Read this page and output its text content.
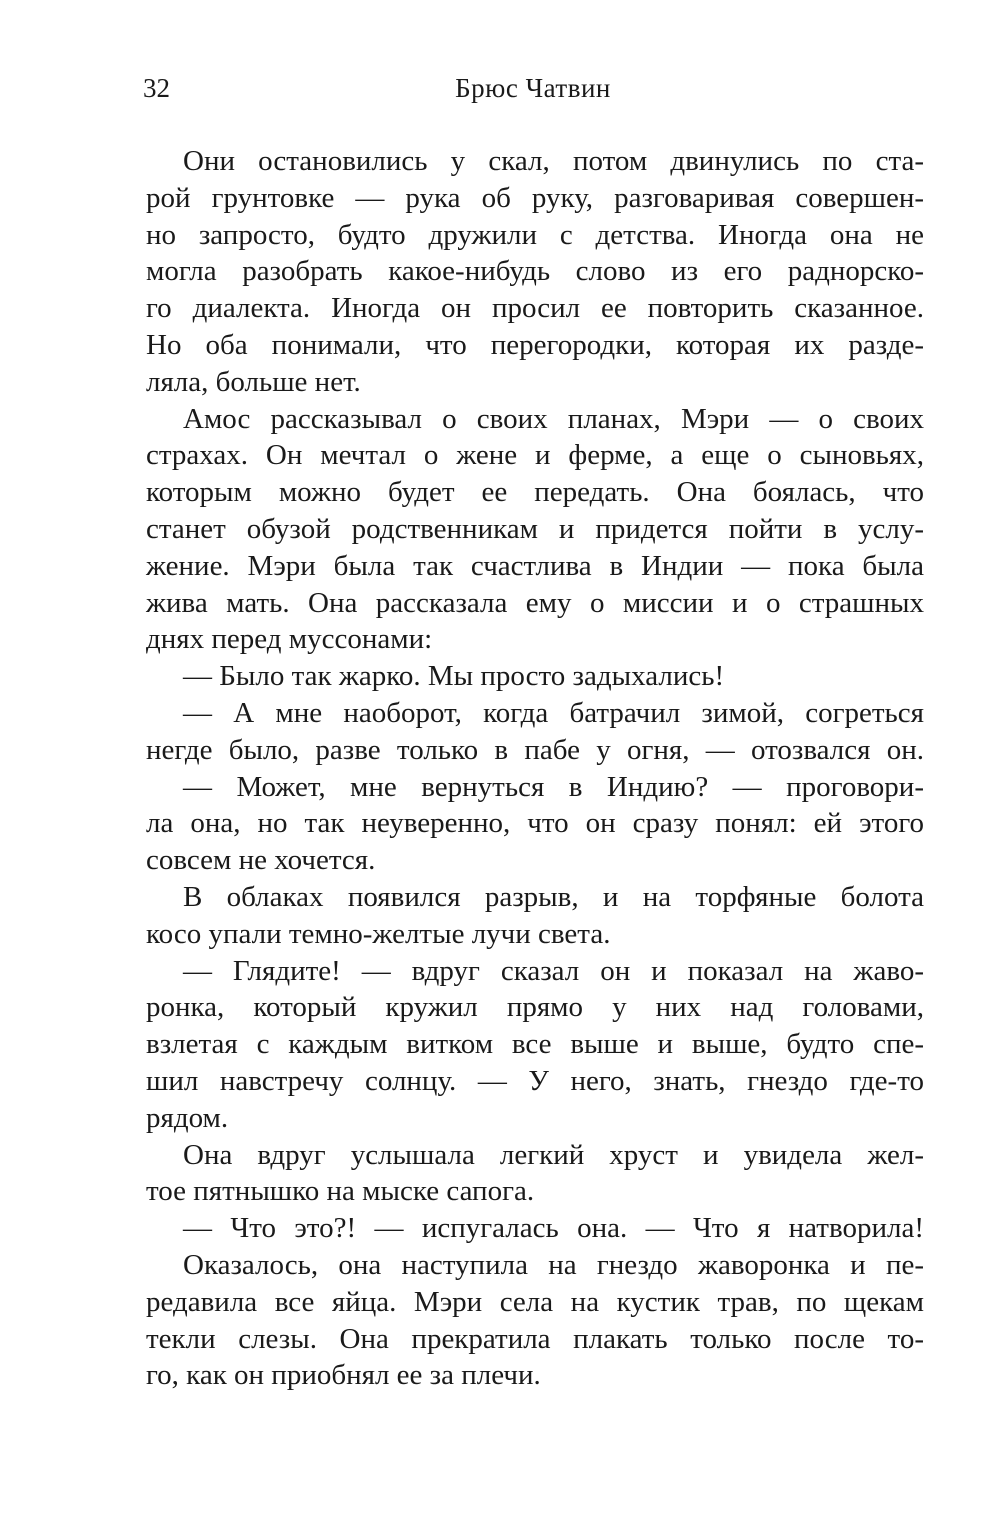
32	Брюс Чатвин
Они остановились у скал, потом двинулись по ста-
рой грунтовке — рука об руку, разговаривая совершен-
но запросто, будто дружили с детства. Иногда она не
могла разобрать какое-нибудь слово из его раднорско-
го диалекта. Иногда он просил ее повторить сказанное.
Но оба понимали, что перегородки, которая их разде-
ляла, больше нет.
Амос рассказывал о своих планах, Мэри — о своих
страхах. Он мечтал о жене и ферме, а еще о сыновьях,
которым можно будет ее передать. Она боялась, что
станет обузой родственникам и придется пойти в услу-
жение. Мэри была так счастлива в Индии — пока была
жива мать. Она рассказала ему о миссии и о страшных
днях перед муссонами:
— Было так жарко. Мы просто задыхались!
— А мне наоборот, когда батрачил зимой, согреться
негде было, разве только в пабе у огня, — отозвался он.
— Может, мне вернуться в Индию? — проговори-
ла она, но так неуверенно, что он сразу понял: ей этого
совсем не хочется.
В облаках появился разрыв, и на торфяные болота
косо упали темно-желтые лучи света.
— Глядите! — вдруг сказал он и показал на жаво-
ронка, который кружил прямо у них над головами,
взлетая с каждым витком все выше и выше, будто спе-
шил навстречу солнцу. — У него, знать, гнездо где-то
рядом.
Она вдруг услышала легкий хруст и увидела жел-
тое пятнышко на мыске сапога.
— Что это?! — испугалась она. — Что я натворила!
Оказалось, она наступила на гнездо жаворонка и пе-
редавила все яйца. Мэри села на кустик трав, по щекам
текли слезы. Она прекратила плакать только после то-
го, как он приобнял ее за плечи.
